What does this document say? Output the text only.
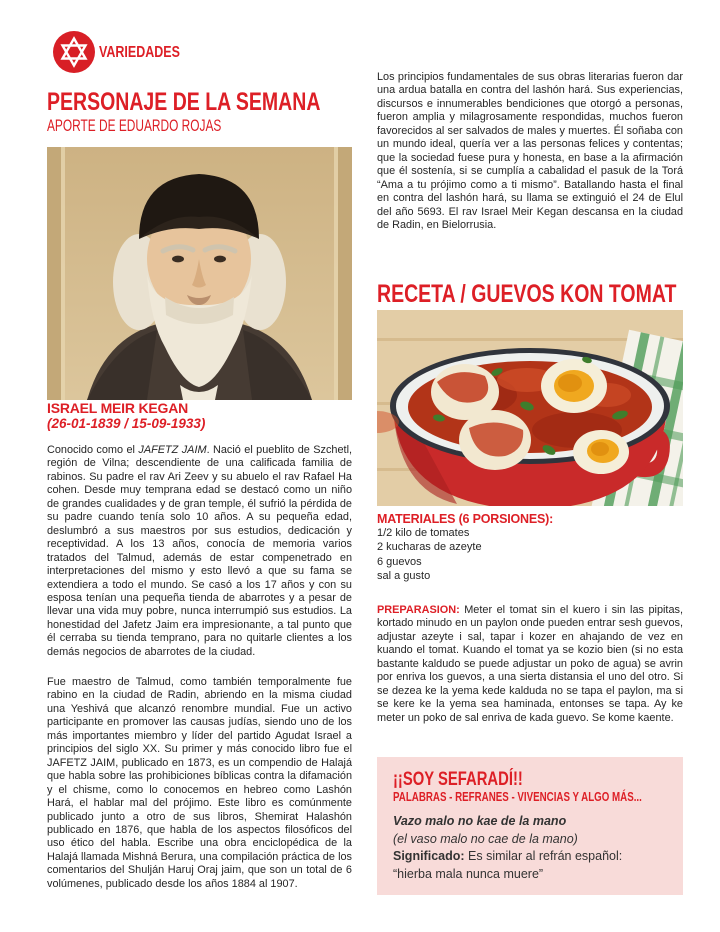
VARIEDADES
PERSONAJE DE LA SEMANA
APORTE DE EDUARDO ROJAS
ISRAEL MEIR KEGAN
(26-01-1839 / 15-09-1933)
Conocido como el JAFETZ JAIM. Nació el pueblito de Szchetl, región de Vilna; descendiente de una calificada familia de rabinos. Su padre el rav Ari Zeev y su abuelo el rav Rafael Ha cohen. Desde muy temprana edad se destacó como un niño de grandes cualidades y de gran temple, él sufrió la pérdida de su padre cuando tenía solo 10 años. A su pequeña edad, deslumbró a sus maestros por sus estudios, dedicación y receptividad. A los 13 años, conocía de memoria varios tratados del Talmud, además de estar compenetrado en interpretaciones del mismo y esto llevó a que su fama se extendiera a todo el mundo. Se casó a los 17 años y con su esposa tenían una pequeña tienda de abarrotes y a pesar de llevar una vida muy pobre, nunca interrumpió sus estudios. La honestidad del Jafetz Jaim era impresionante, a tal punto que él cerraba su tienda temprano, para no quitarle clientes a los demás negocios de abarrotes de la ciudad.
Fue maestro de Talmud, como también temporalmente fue rabino en la ciudad de Radin, abriendo en la misma ciudad una Yeshivá que alcanzó renombre mundial. Fue un activo participante en promover las causas judías, siendo uno de los más importantes miembro y líder del partido Agudat Israel a principios del siglo XX. Su primer y más conocido libro fue el JAFETZ JAIM, publicado en 1873, es un compendio de Halajá que habla sobre las prohibiciones bíblicas contra la difamación y el chisme, como lo conocemos en hebreo como Lashón Hará, el hablar mal del prójimo. Este libro es comúnmente publicado junto a otro de sus libros, Shemirat Halashón publicado en 1876, que habla de los aspectos filosóficos del uso ético del habla. Escribe una obra enciclopédica de la Halajá llamada Mishná Berura, una compilación práctica de los comentarios del Shulján Haruj Oraj jaim, que son un total de 6 volúmenes, publicado desde los años 1884 al 1907.
Los principios fundamentales de sus obras literarias fueron dar una ardua batalla en contra del lashón hará. Sus experiencias, discursos e innumerables bendiciones que otorgó a personas, fueron amplia y milagrosamente respondidas, muchos fueron favorecidos al ser salvados de males y muertes. Él soñaba con un mundo ideal, quería ver a las personas felices y contentas; que la sociedad fuese pura y honesta, en base a la afirmación que él sostenía, si se cumplía a cabalidad el pasuk de la Torá “Ama a tu prójimo como a ti mismo”. Batallando hasta el final en contra del lashón hará, su llama se extinguió el 24 de Elul del año 5693. El rav Israel Meir Kegan descansa en la ciudad de Radin, en Bielorrusia.
RECETA / GUEVOS KON TOMAT
MATERIALES (6 PORSIONES):
1/2 kilo de tomates
2 kucharas de azeyte
6 guevos
sal a gusto
PREPARASION: Meter el tomat sin el kuero i sin las pipitas, kortado minudo en un paylon onde pueden entrar sesh guevos, adjustar azeyte i sal, tapar i kozer en ahajando de vez en kuando el tomat. Kuando el tomat ya se kozio bien (si no esta bastante kaldudo se puede adjustar un poko de agua) se avrin por enriva los guevos, a una sierta distansia el uno del otro. Si se dezea ke la yema kede kalduda no se tapa el paylon, ma si se kere ke la yema sea haminada, entonses se tapa. Ay ke meter un poko de sal enriva de kada guevo. Se kome kaente.
¡¡SOY SEFARADÍ!!
PALABRAS - REFRANES - VIVENCIAS Y ALGO MÁS...
Vazo malo no kae de la mano
(el vaso malo no cae de la mano)
Significado: Es similar al refrán español:
“hierba mala nunca muere”
